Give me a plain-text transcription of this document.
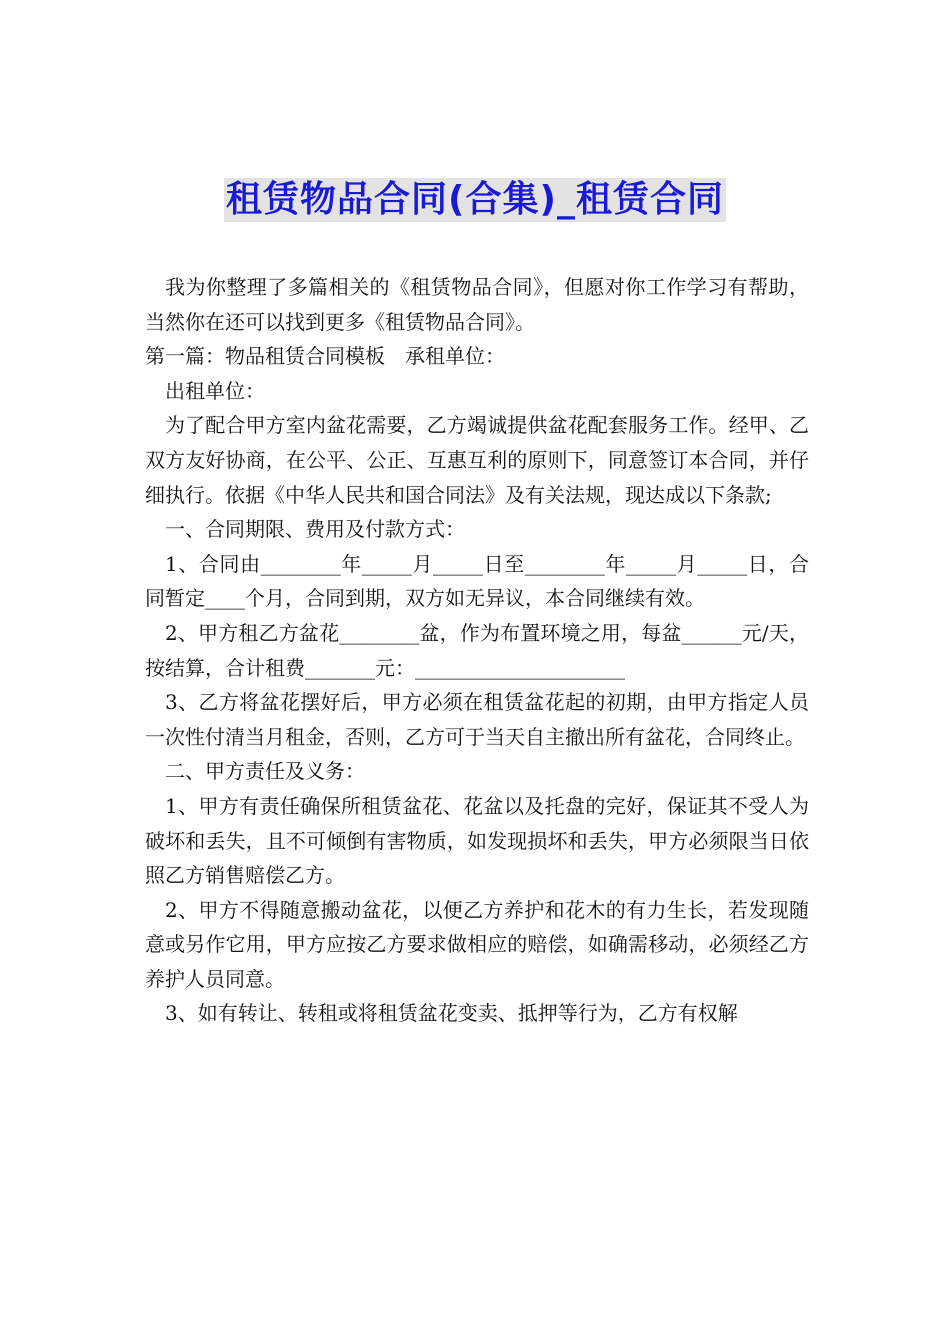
租赁物品合同(合集)_租赁合同

我为你整理了多篇相关的《租赁物品合同》，但愿对你工作学习有帮助，当然你在还可以找到更多《租赁物品合同》。

第一篇：物品租赁合同模板　承租单位：

出租单位：

为了配合甲方室内盆花需要，乙方竭诚提供盆花配套服务工作。经甲、乙双方友好协商，在公平、公正、互惠互利的原则下，同意签订本合同，并仔细执行。依据《中华人民共和国合同法》及有关法规，现达成以下条款;

一、合同期限、费用及付款方式：

1、合同由________年_____月_____日至________年_____月_____日，合同暂定____个月，合同到期，双方如无异议，本合同继续有效。

2、甲方租乙方盆花________盆，作为布置环境之用，每盆______元/天，按结算，合计租费_______元：_____________________

3、乙方将盆花摆好后，甲方必须在租赁盆花起的初期，由甲方指定人员一次性付清当月租金，否则，乙方可于当天自主撤出所有盆花，合同终止。

二、甲方责任及义务：

1、甲方有责任确保所租赁盆花、花盆以及托盘的完好，保证其不受人为破坏和丢失，且不可倾倒有害物质，如发现损坏和丢失，甲方必须限当日依照乙方销售赔偿乙方。

2、甲方不得随意搬动盆花，以便乙方养护和花木的有力生长，若发现随意或另作它用，甲方应按乙方要求做相应的赔偿，如确需移动，必须经乙方养护人员同意。

3、如有转让、转租或将租赁盆花变卖、抵押等行为，乙方有权解
